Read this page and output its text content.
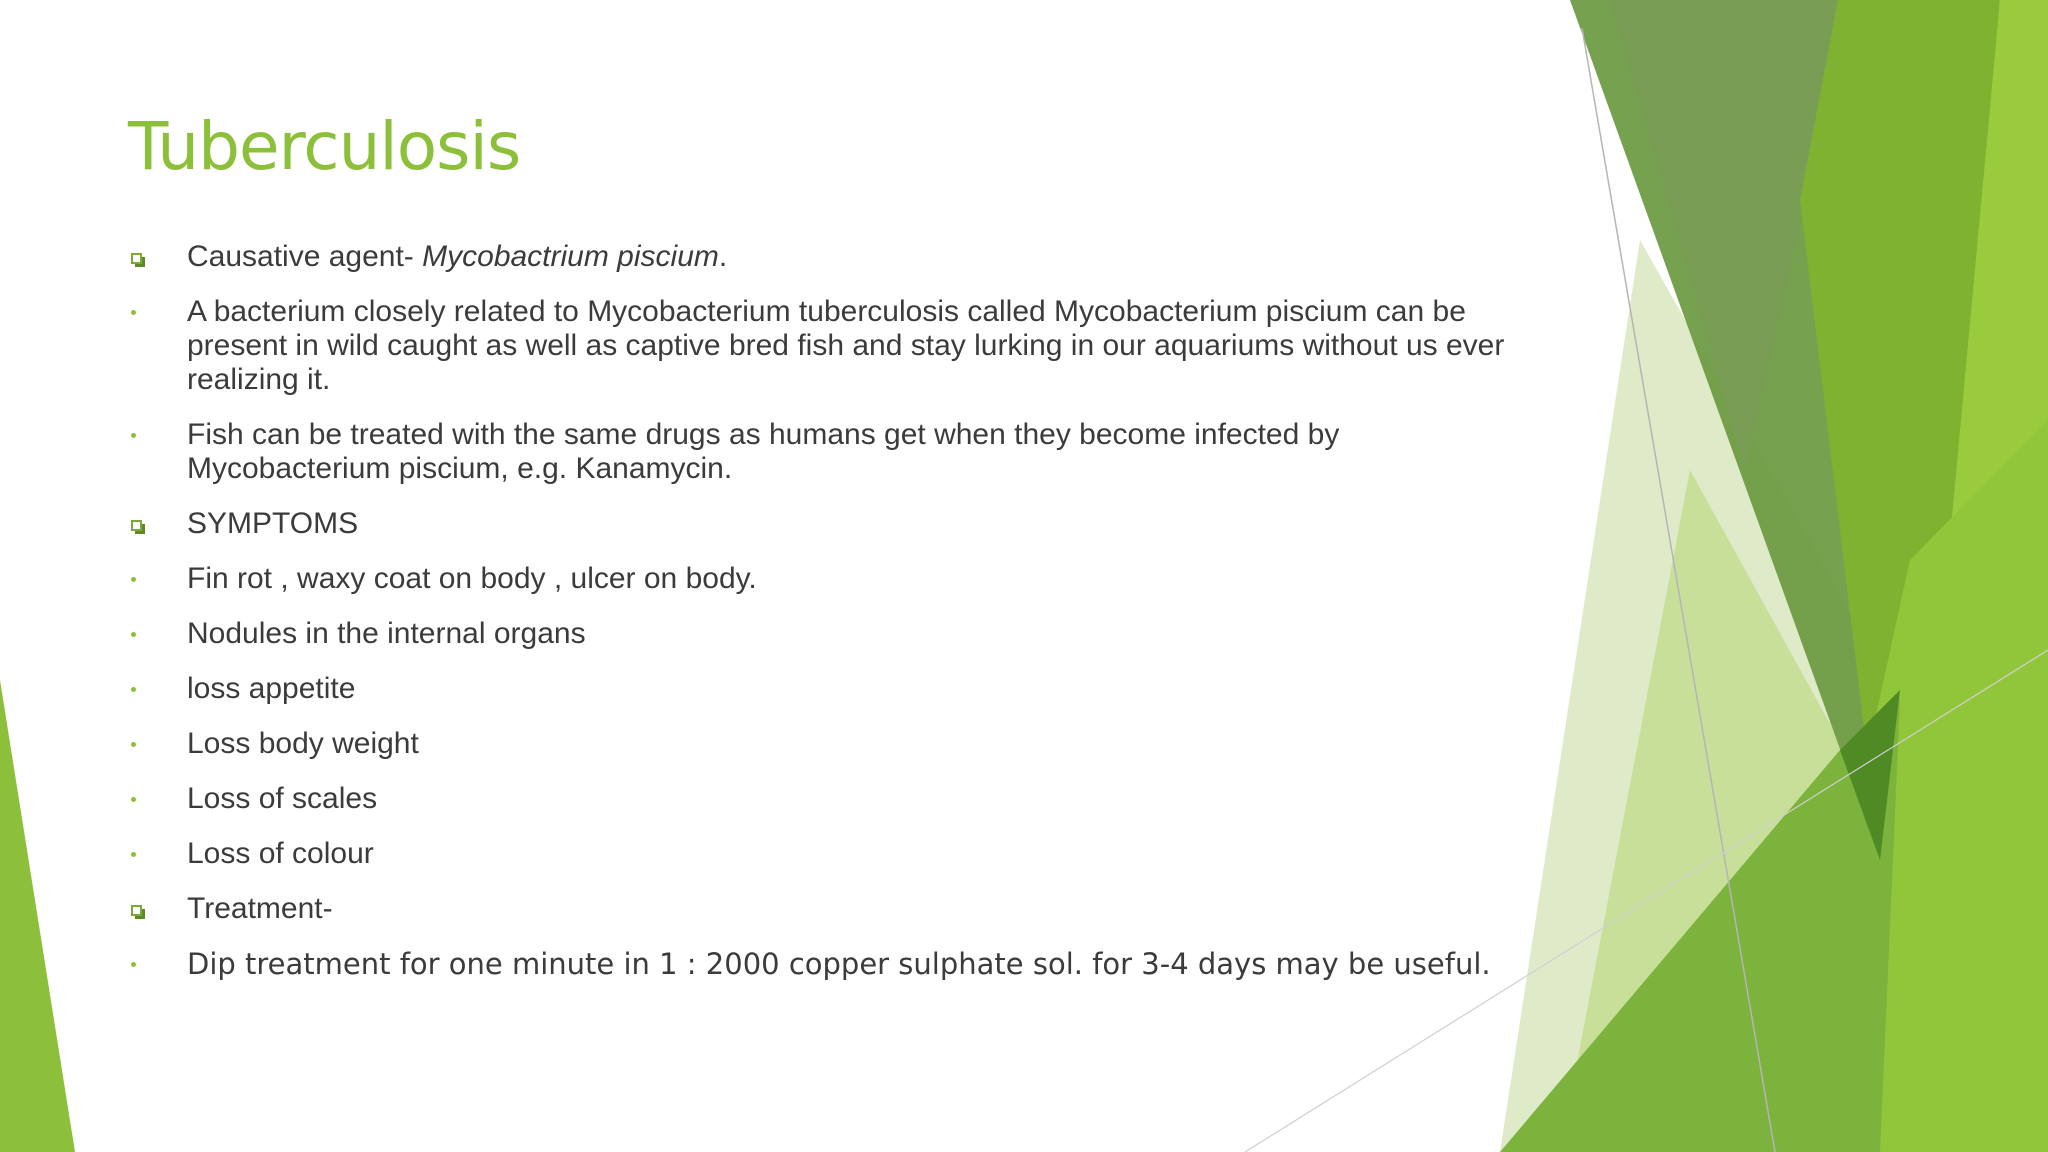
Tuberculosis
Causative agent- Mycobactrium piscium.
A bacterium closely related to Mycobacterium tuberculosis called Mycobacterium piscium can be present in wild caught as well as captive bred fish and stay lurking in our aquariums without us ever realizing it.
Fish can be treated with the same drugs as humans get when they become infected by Mycobacterium piscium, e.g. Kanamycin.
SYMPTOMS
Fin rot , waxy coat on body , ulcer on body.
Nodules in the internal organs
loss appetite
Loss body weight
Loss of scales
Loss of colour
Treatment-
Dip treatment for one minute in 1 : 2000 copper sulphate sol. for 3-4 days may be useful.
